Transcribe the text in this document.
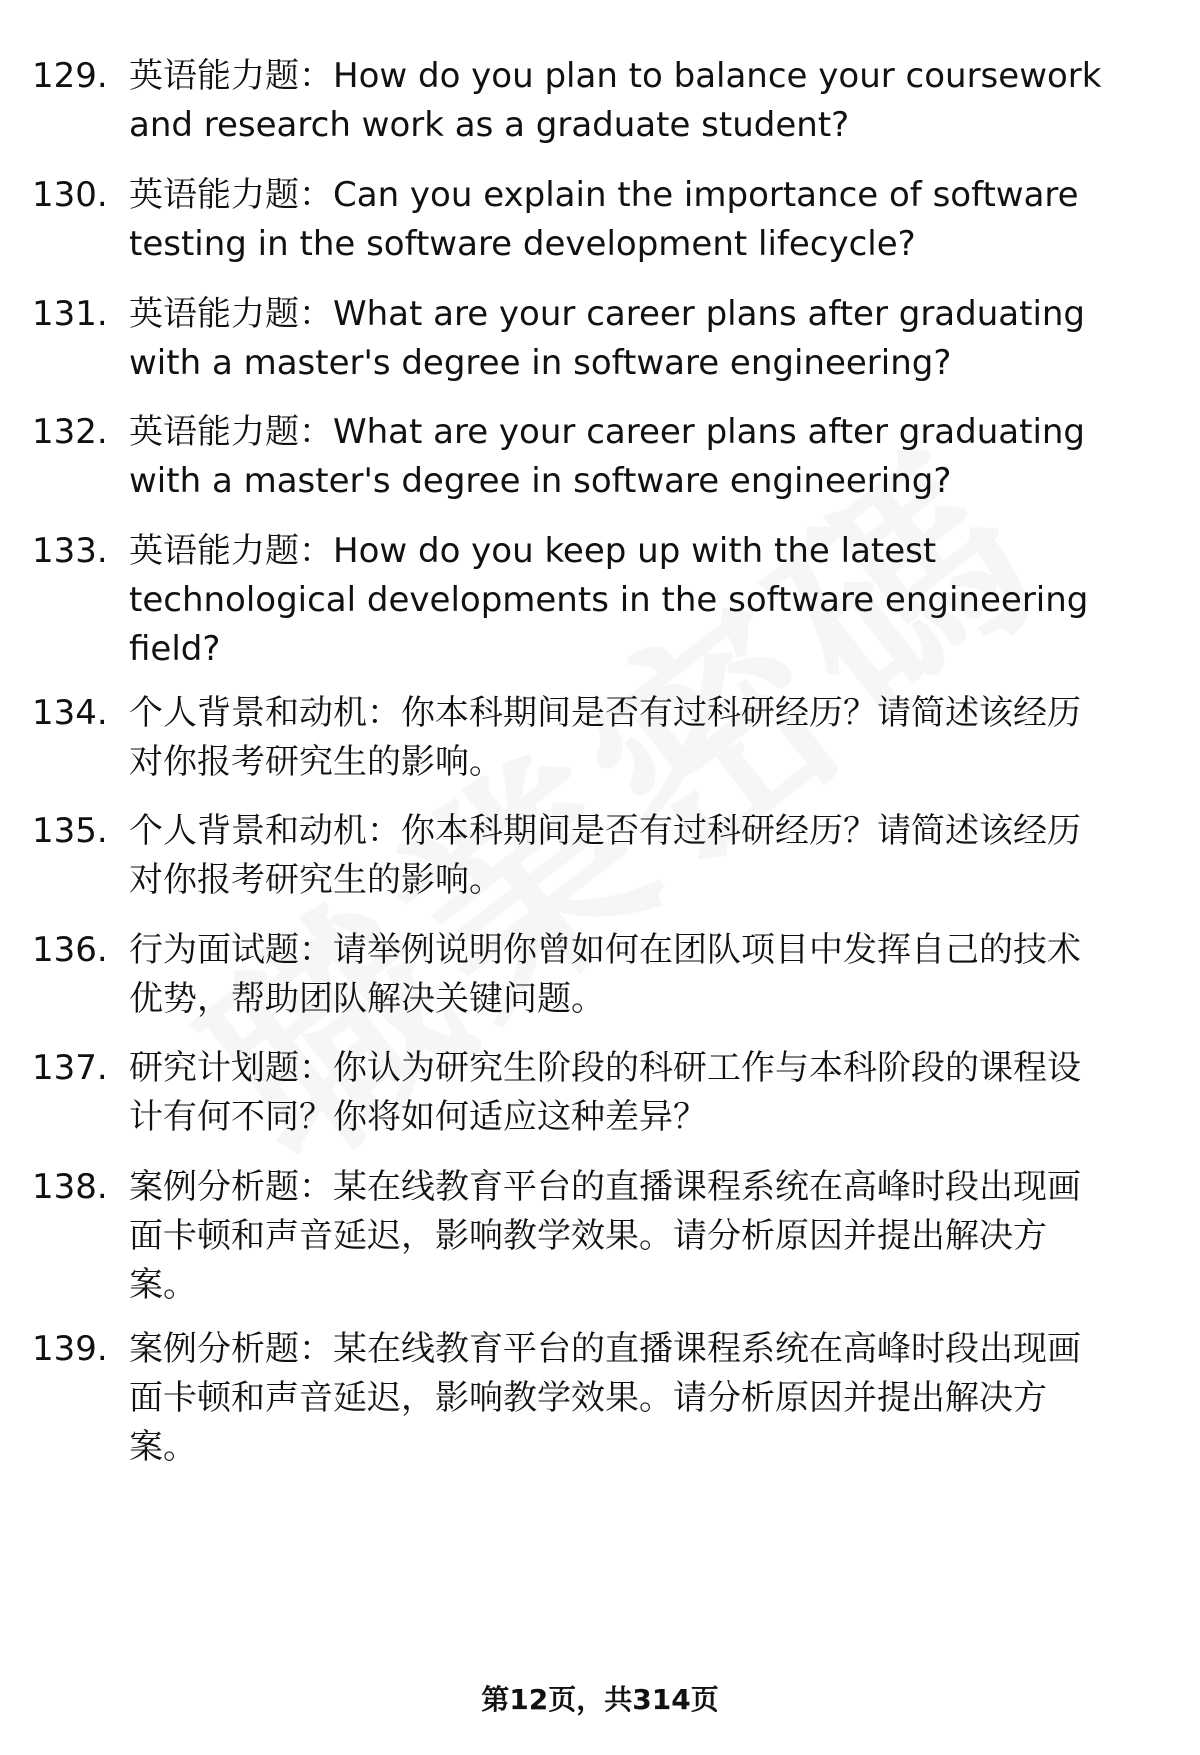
129. 英语能力题：How do you plan to balance your coursework
and research work as a graduate student?
130. 英语能力题：Can you explain the importance of software
testing in the software development lifecycle?
131. 英语能力题：What are your career plans after graduating
with a master's degree in software engineering?
132. 英语能力题：What are your career plans after graduating
with a master's degree in software engineering?
133. 英语能力题：How do you keep up with the latest
technological developments in the software engineering
field?
134. 个人背景和动机：你本科期间是否有过科研经历？请简述该经历
对你报考研究生的影响。
135. 个人背景和动机：你本科期间是否有过科研经历？请简述该经历
对你报考研究生的影响。
136. 行为面试题：请举例说明你曾如何在团队项目中发挥自己的技术
优势，帮助团队解决关键问题。
137. 研究计划题：你认为研究生阶段的科研工作与本科阶段的课程设
计有何不同？你将如何适应这种差异？
138. 案例分析题：某在线教育平台的直播课程系统在高峰时段出现画
面卡顿和声音延迟，影响教学效果。请分析原因并提出解决方
案。
139. 案例分析题：某在线教育平台的直播课程系统在高峰时段出现画
面卡顿和声音延迟，影响教学效果。请分析原因并提出解决方
案。
第12页，共314页
